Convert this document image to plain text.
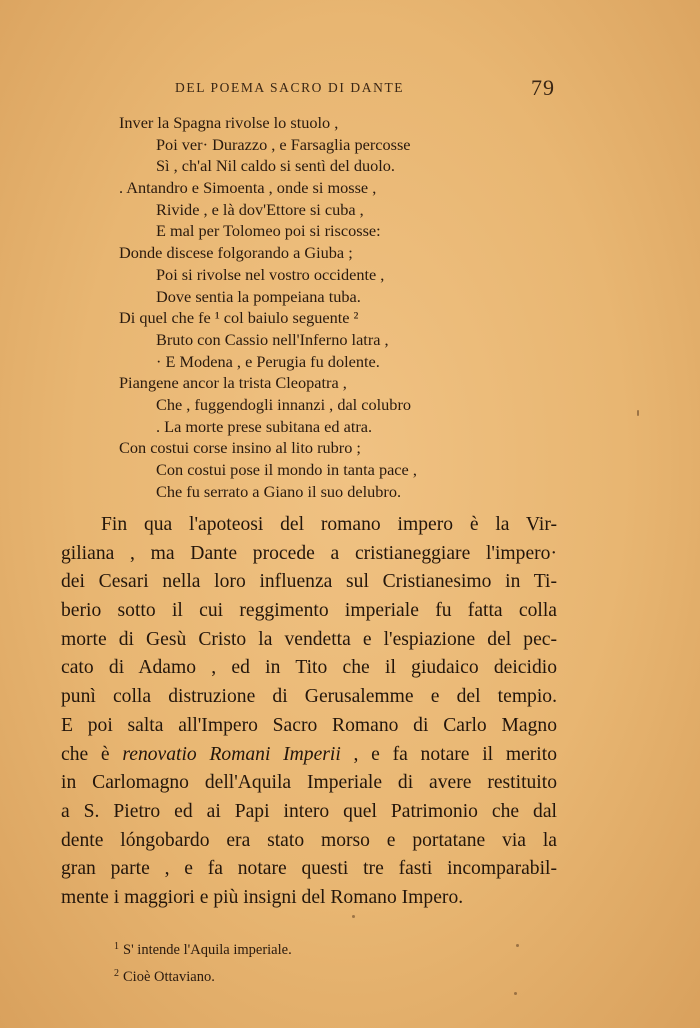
DEL POEMA SACRO DI DANTE	79
Inver la Spagna rivolse lo stuolo ,
Poi ver· Durazzo , e Farsaglia percosse
Sì , ch'al Nil caldo si sentì del duolo.
. Antandro e Simoenta , onde si mosse ,
Rivide , e là dov'Ettore si cuba ,
E mal per Tolomeo poi si riscosse:
Donde discese folgorando a Giuba ;
Poi si rivolse nel vostro occidente ,
Dove sentia la pompeiana tuba.
Di quel che fe ¹ col baiulo seguente ²
Bruto con Cassio nell'Inferno latra ,
· E Modena , e Perugia fu dolente.
Piangene ancor la trista Cleopatra ,
Che , fuggendogli innanzi , dal colubro
. La morte prese subitana ed atra.
Con costui corse insino al lito rubro ;
Con costui pose il mondo in tanta pace ,
Che fu serrato a Giano il suo delubro.
Fin qua l'apoteosi del romano impero è la Vir-
giliana , ma Dante procede a cristianeggiare l'impero·
dei Cesari nella loro influenza sul Cristianesimo in Ti-
berio sotto il cui reggimento imperiale fu fatta colla
morte di Gesù Cristo la vendetta e l'espiazione del pec-
cato di Adamo , ed in Tito che il giudaico deicidio
punì colla distruzione di Gerusalemme e del tempio.
E poi salta all'Impero Sacro Romano di Carlo Magno
che è renovatio Romani Imperii , e fa notare il merito
in Carlomagno dell'Aquila Imperiale di avere restituito
a S. Pietro ed ai Papi intero quel Patrimonio che dal
dente lóngobardo era stato morso e portatane via la
gran parte , e fa notare questi tre fasti incomparabil-
mente i maggiori e più insigni del Romano Impero.
$^1$ S' intende l'Aquila imperiale.
$^2$ Cioè Ottaviano.
